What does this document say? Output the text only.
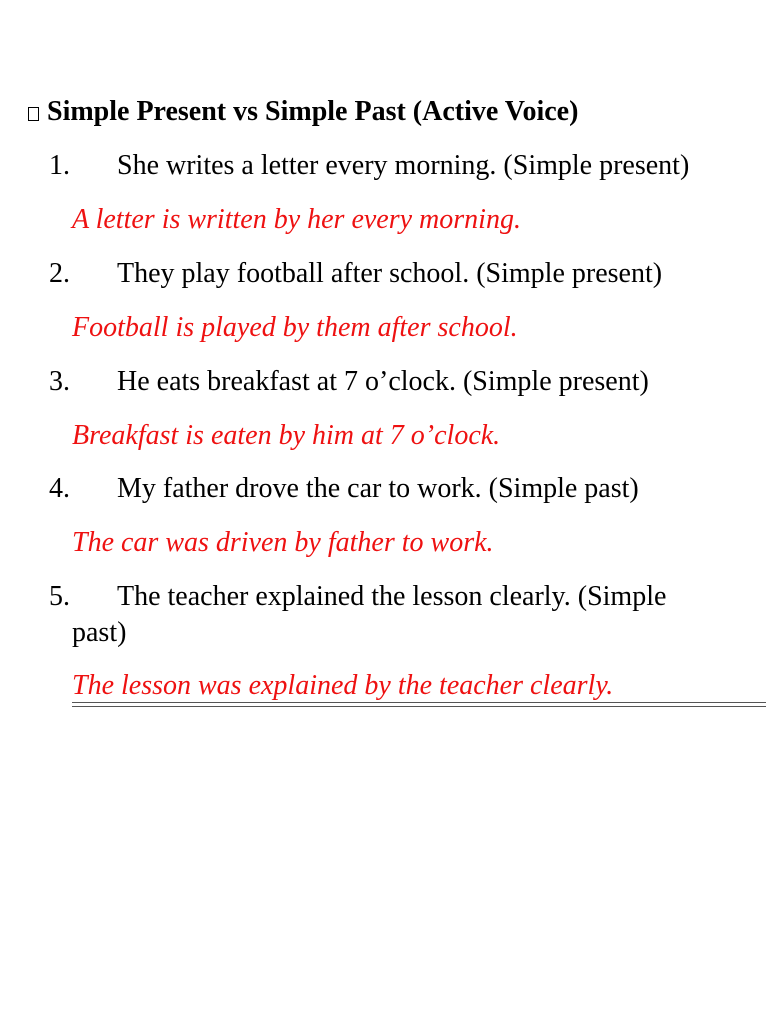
Simple Present vs Simple Past (Active Voice)
1. She writes a letter every morning. (Simple present)
A letter is written by her every morning.
2. They play football after school. (Simple present)
Football is played by them after school.
3. He eats breakfast at 7 o’clock. (Simple present)
Breakfast is eaten by him at 7 o’clock.
4. My father drove the car to work. (Simple past)
The car was driven by father to work.
5. The teacher explained the lesson clearly. (Simple
past)
The lesson was explained by the teacher clearly.
